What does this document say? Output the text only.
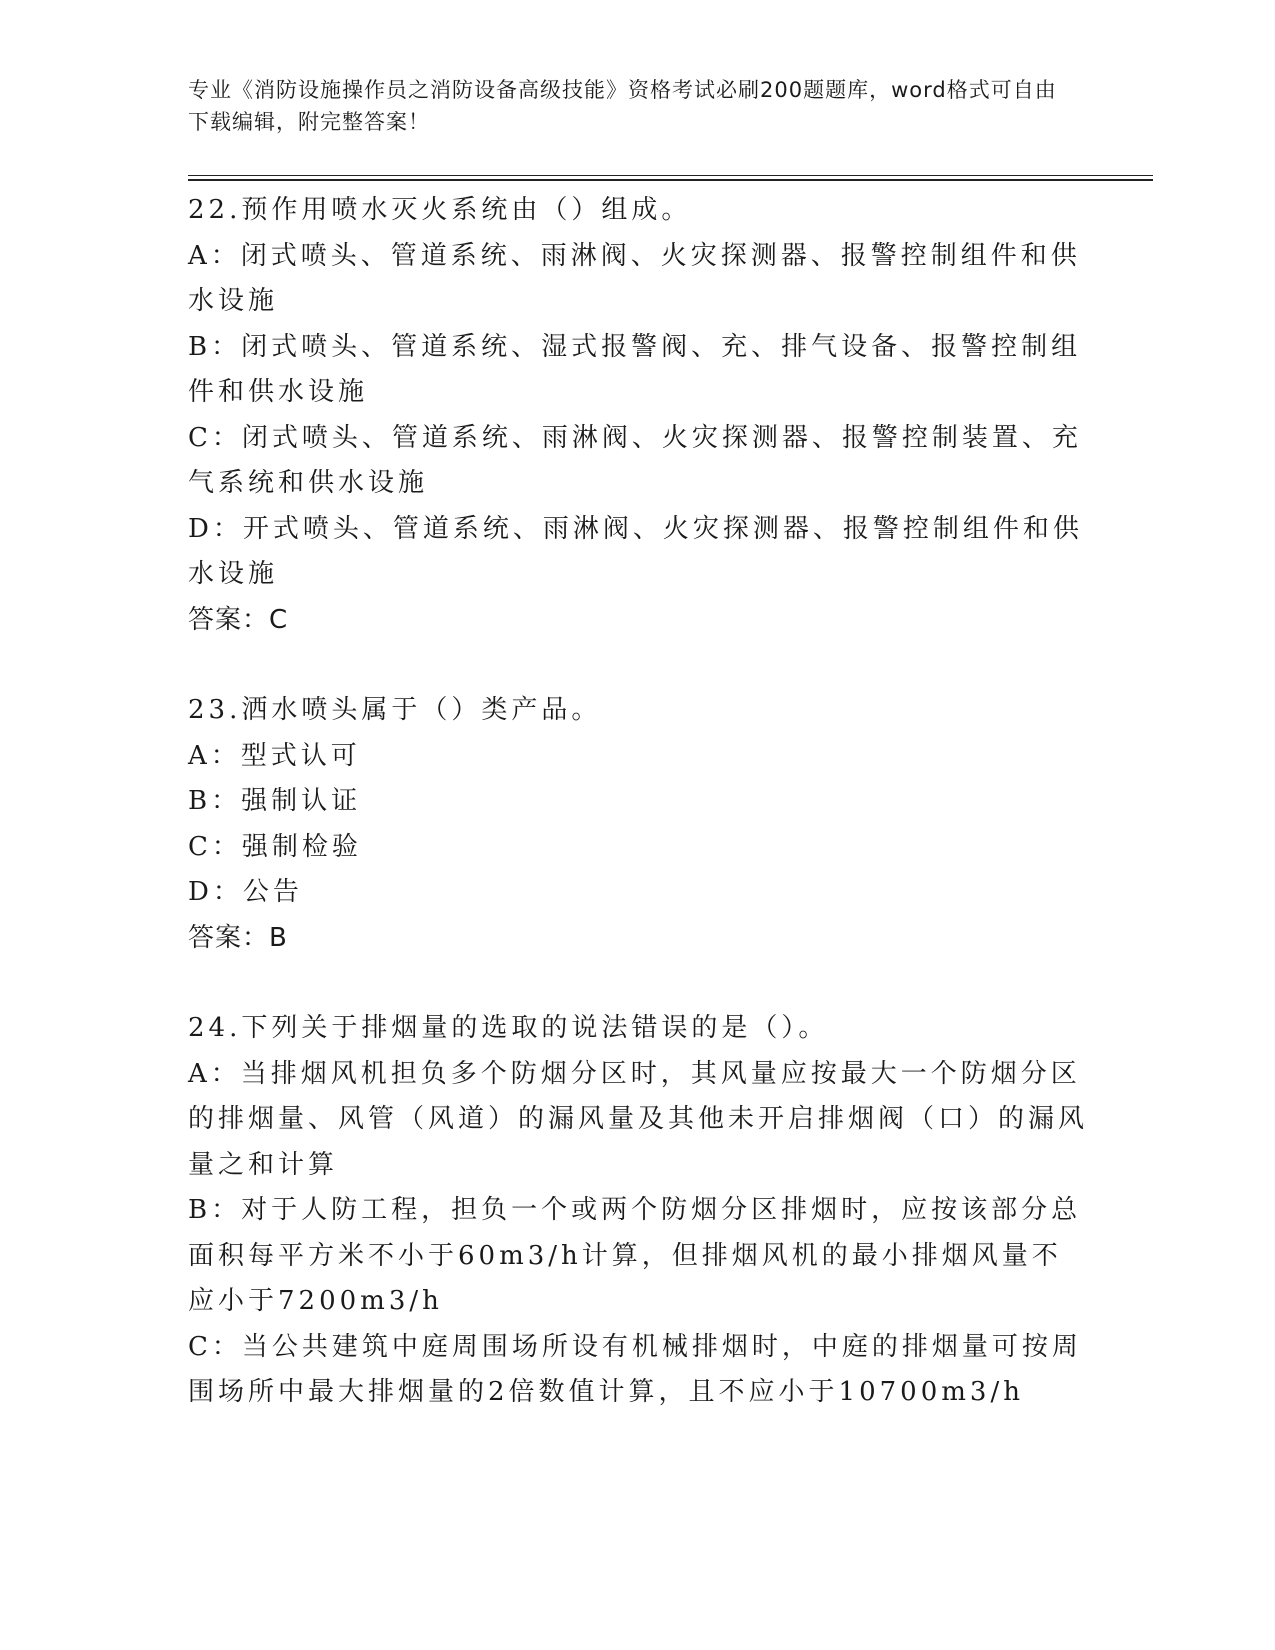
专业《消防设施操作员之消防设备高级技能》资格考试必刷200题题库，word格式可自由下载编辑，附完整答案！
22.预作用喷水灭火系统由（）组成。
A：闭式喷头、管道系统、雨淋阀、火灾探测器、报警控制组件和供水设施
B：闭式喷头、管道系统、湿式报警阀、充、排气设备、报警控制组件和供水设施
C：闭式喷头、管道系统、雨淋阀、火灾探测器、报警控制装置、充气系统和供水设施
D：开式喷头、管道系统、雨淋阀、火灾探测器、报警控制组件和供水设施
答案：C
23.洒水喷头属于（）类产品。
A：型式认可
B：强制认证
C：强制检验
D：公告
答案：B
24.下列关于排烟量的选取的说法错误的是（）。
A：当排烟风机担负多个防烟分区时，其风量应按最大一个防烟分区的排烟量、风管（风道）的漏风量及其他未开启排烟阀（口）的漏风量之和计算
B：对于人防工程，担负一个或两个防烟分区排烟时，应按该部分总面积每平方米不小于60m3/h计算，但排烟风机的最小排烟风量不应小于7200m3/h
C：当公共建筑中庭周围场所设有机械排烟时，中庭的排烟量可按周围场所中最大排烟量的2倍数值计算，且不应小于10700m3/h
